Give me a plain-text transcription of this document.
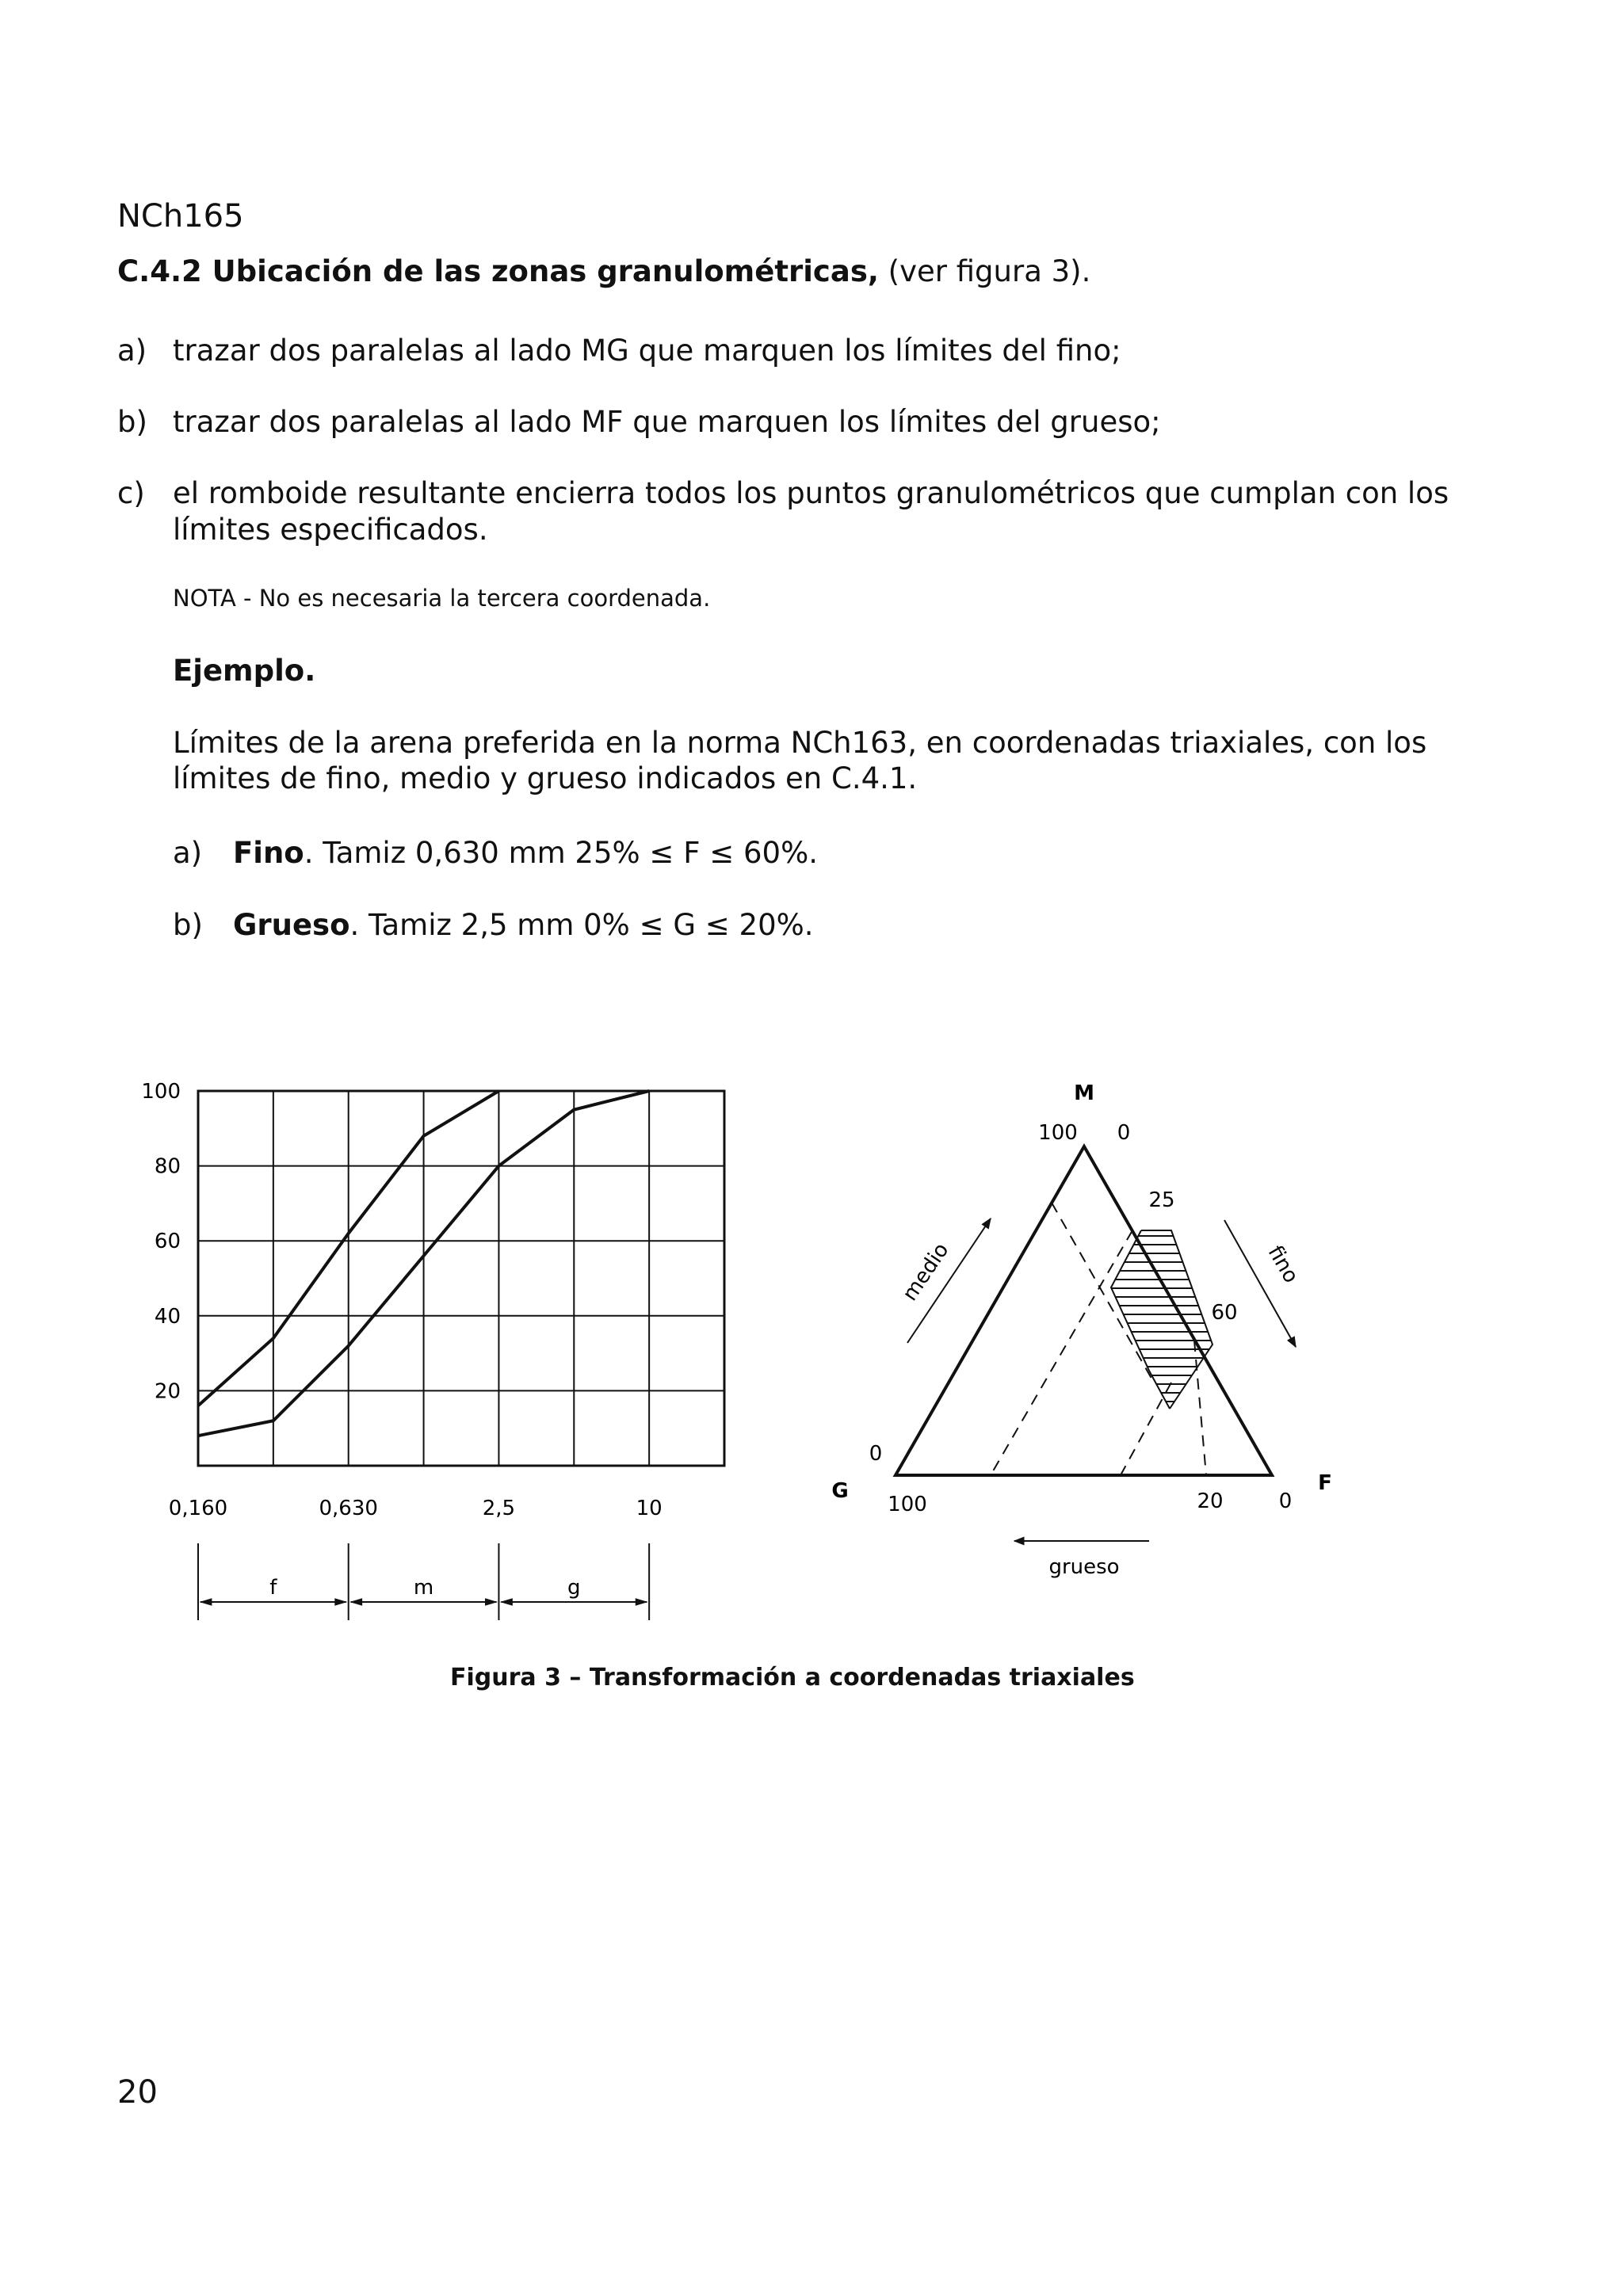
NCh165
C.4.2 Ubicación de las zonas granulométricas, (ver figura 3).
a) trazar dos paralelas al lado MG que marquen los límites del fino;
b) trazar dos paralelas al lado MF que marquen los límites del grueso;
c) el romboide resultante encierra todos los puntos granulométricos que cumplan con los
límites especificados.
NOTA - No es necesaria la tercera coordenada.
Ejemplo.
Límites de la arena preferida en la norma NCh163, en coordenadas triaxiales, con los
límites de fino, medio y grueso indicados en C.4.1.
a) Fino. Tamiz 0,630 mm 25% ≤ F ≤ 60%.
b) Grueso. Tamiz 2,5 mm 0% ≤ G ≤ 20%.
100
80
60
40
20
0,160	0,630	2,5	10
f	m	g
M
G	F
100 0
25
60
0
100	20	0
medio	fino
grueso
Figura 3 – Transformación a coordenadas triaxiales
20
